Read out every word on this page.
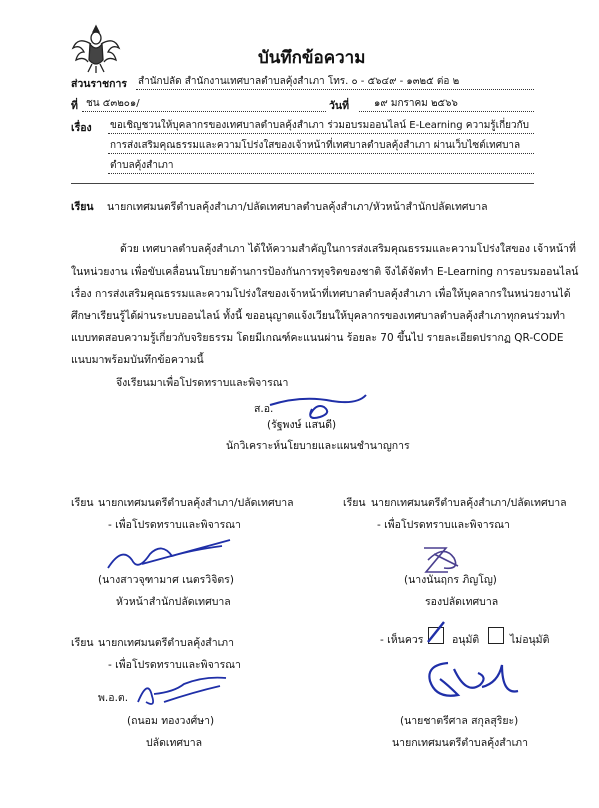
บันทึกข้อความ
ส่วนราชการ สำนักปลัด สำนักงานเทศบาลตำบลคุ้งสำเภา โทร. ๐ - ๕๖๔๙ - ๑๓๒๕ ต่อ ๒
ที่ ชน ๕๓๒๐๑/	วันที่	๑๙ มกราคม ๒๕๖๖
เรื่อง ขอเชิญชวนให้บุคลากรของเทศบาลตำบลคุ้งสำเภา ร่วมอบรมออนไลน์ E-Learning ความรู้เกี่ยวกับ
การส่งเสริมคุณธรรมและความโปร่งใสของเจ้าหน้าที่เทศบาลตำบลคุ้งสำเภา ผ่านเว็บไซต์เทศบาล
ตำบลคุ้งสำเภา
เรียน นายกเทศมนตรีตำบลคุ้งสำเภา/ปลัดเทศบาลตำบลคุ้งสำเภา/หัวหน้าสำนักปลัดเทศบาล
ด้วย เทศบาลตำบลคุ้งสำเภา ได้ให้ความสำคัญในการส่งเสริมคุณธรรมและความโปร่งใสของ เจ้าหน้าที่
ในหน่วยงาน เพื่อขับเคลื่อนนโยบายด้านการป้องกันการทุจริตของชาติ จึงได้จัดทำ E-Learning การอบรมออนไลน์
เรื่อง การส่งเสริมคุณธรรมและความโปร่งใสของเจ้าหน้าที่เทศบาลตำบลคุ้งสำเภา เพื่อให้บุคลากรในหน่วยงานได้
ศึกษาเรียนรู้ได้ผ่านระบบออนไลน์ ทั้งนี้ ขออนุญาตแจ้งเวียนให้บุคลากรของเทศบาลตำบลคุ้งสำเภาทุกคนร่วมทำ
แบบทดสอบความรู้เกี่ยวกับจริยธรรม โดยมีเกณฑ์คะแนนผ่าน ร้อยละ 70 ขึ้นไป รายละเอียดปรากฏ QR-CODE
แนบมาพร้อมบันทึกข้อความนี้
จึงเรียนมาเพื่อโปรดทราบและพิจารณา
ส.อ.
(รัฐพงษ์ แสนดี)
นักวิเคราะห์นโยบายและแผนชำนาญการ
เรียน นายกเทศมนตรีตำบลคุ้งสำเภา/ปลัดเทศบาล
- เพื่อโปรดทราบและพิจารณา
(นางสาวจุฑามาศ เนตรวิจิตร)
หัวหน้าสำนักปลัดเทศบาล
เรียน นายกเทศมนตรีตำบลคุ้งสำเภา/ปลัดเทศบาล
- เพื่อโปรดทราบและพิจารณา
(นางนันฤกร ภิญโญ)
รองปลัดเทศบาล
เรียน นายกเทศมนตรีตำบลคุ้งสำเภา
- เพื่อโปรดทราบและพิจารณา
พ.อ.ต.
(ถนอม ทองวงศ์ษา)
ปลัดเทศบาล
- เห็นควร	อนุมัติ	ไม่อนุมัติ
(นายชาตรีศาล สกุลสุริยะ)
นายกเทศมนตรีตำบลคุ้งสำเภา
